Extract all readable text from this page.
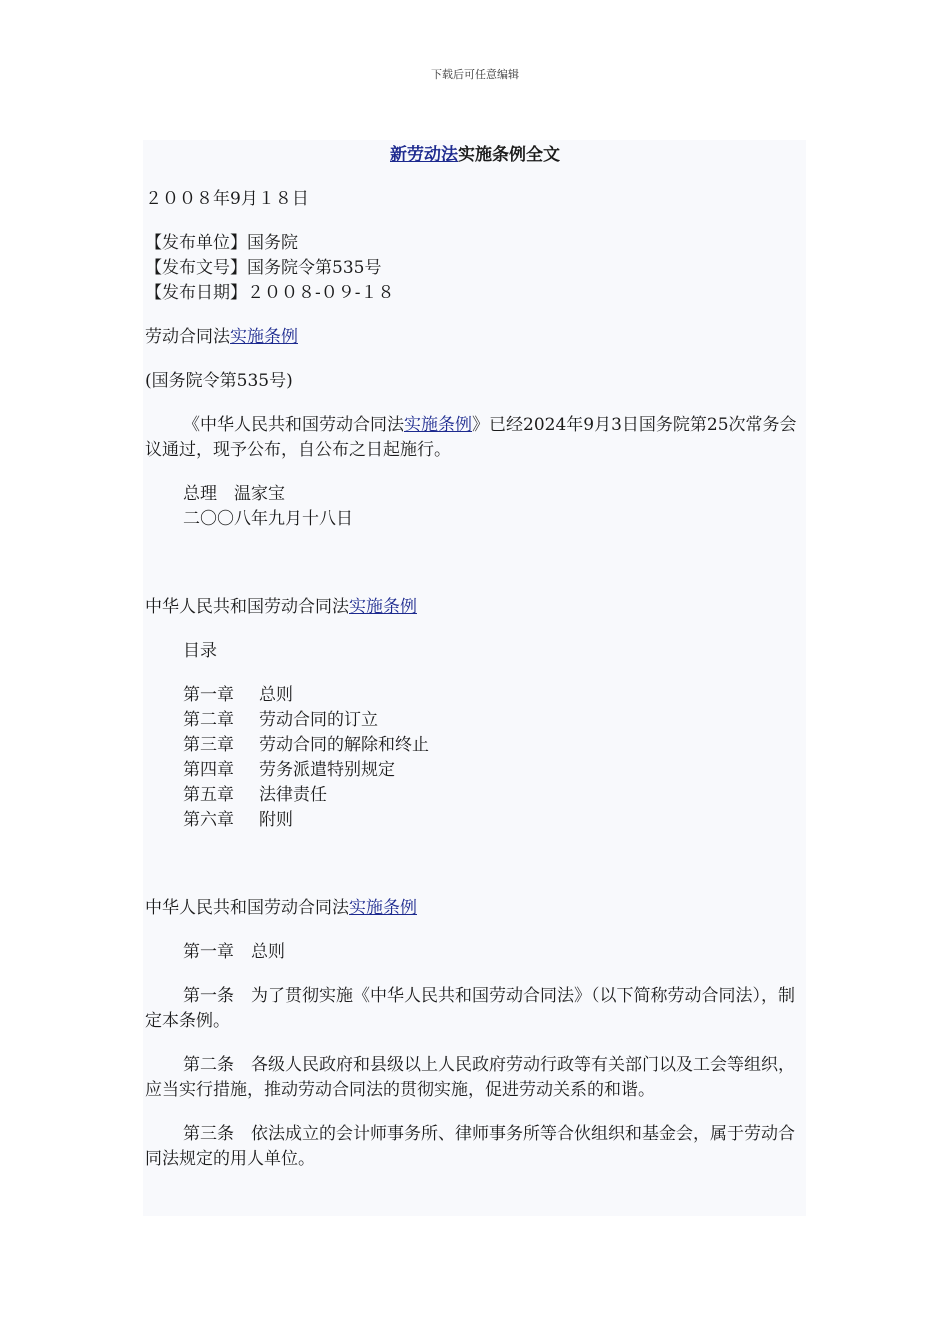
下载后可任意编辑
新劳动法实施条例全文

２００８年9月１８日

【发布单位】国务院
【发布文号】国务院令第535号
【发布日期】２００８-０９-１８

劳动合同法实施条例

(国务院令第535号)

《中华人民共和国劳动合同法实施条例》已经2024年9月3日国务院第25次常务会议通过，现予公布，自公布之日起施行。

总理　温家宝
二〇〇八年九月十八日

中华人民共和国劳动合同法实施条例

目录

第一章 总则
第二章 劳动合同的订立
第三章 劳动合同的解除和终止
第四章 劳务派遣特别规定
第五章 法律责任
第六章 附则

中华人民共和国劳动合同法实施条例

第一章　总则

第一条　为了贯彻实施《中华人民共和国劳动合同法》（以下简称劳动合同法），制定本条例。

第二条　各级人民政府和县级以上人民政府劳动行政等有关部门以及工会等组织，应当实行措施，推动劳动合同法的贯彻实施，促进劳动关系的和谐。

第三条　依法成立的会计师事务所、律师事务所等合伙组织和基金会，属于劳动合同法规定的用人单位。
